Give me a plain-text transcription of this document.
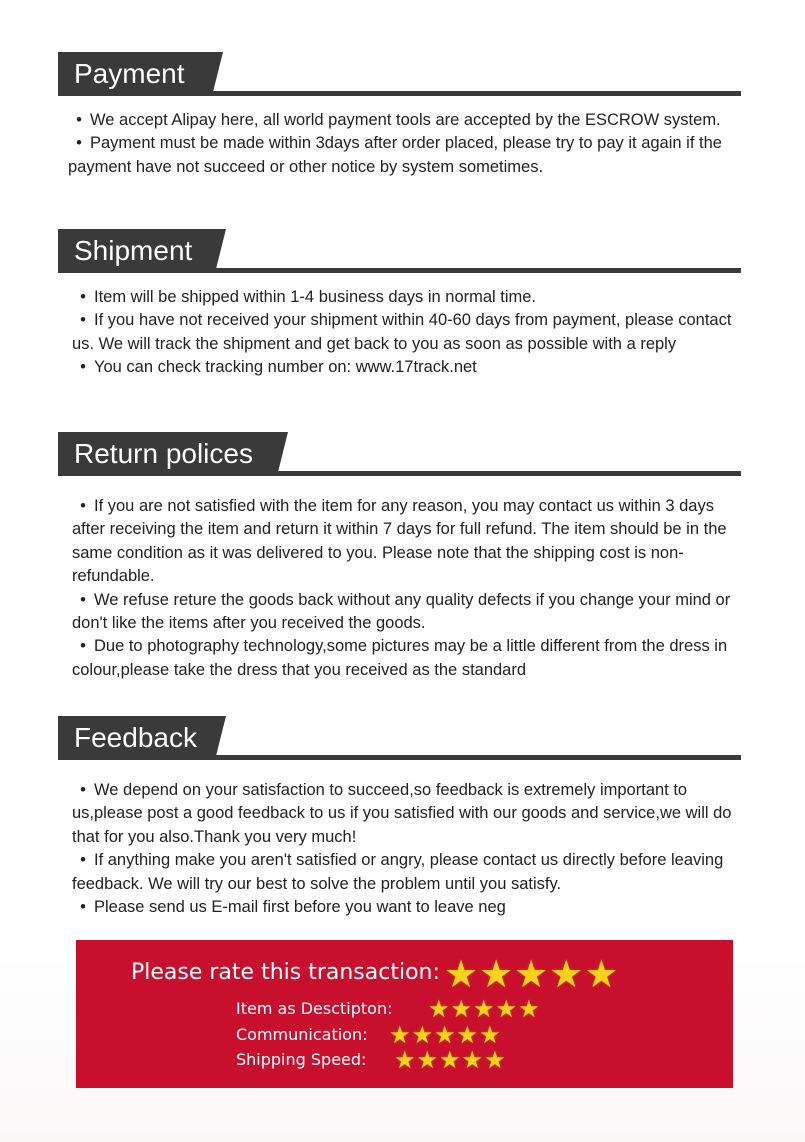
Payment

• We accept Alipay here, all world payment tools are accepted by the ESCROW system.

• Payment must be made within 3days after order placed, please try to pay it again if the payment have not succeed or other notice by system sometimes.

Shipment

• Item will be shipped within 1-4 business days in normal time.

• If you have not received your shipment within 40-60 days from payment, please contact us. We will track the shipment and get back to you as soon as possible with a reply

• You can check tracking number on: www.17track.net

Return polices

• If you are not satisfied with the item for any reason, you may contact us within 3 days after receiving the item and return it within 7 days for full refund. The item should be in the same condition as it was delivered to you. Please note that the shipping cost is non-refundable.

• We refuse reture the goods back without any quality defects if you change your mind or don't like the items after you received the goods.

• Due to photography technology,some pictures may be a little different from the dress in colour,please take the dress that you received as the standard

Feedback

• We depend on your satisfaction to succeed,so feedback is extremely important to us,please post a good feedback to us if you satisfied with our goods and service,we will do that for you also.Thank you very much!

• If anything make you aren't satisfied or angry, please contact us directly before leaving feedback. We will try our best to solve the problem until you satisfy.

• Please send us E-mail first before you want to leave neg

Please rate this transaction: ★★★★★
Item as Desctipton: ★★★★★
Communication: ★★★★★
Shipping Speed: ★★★★★
